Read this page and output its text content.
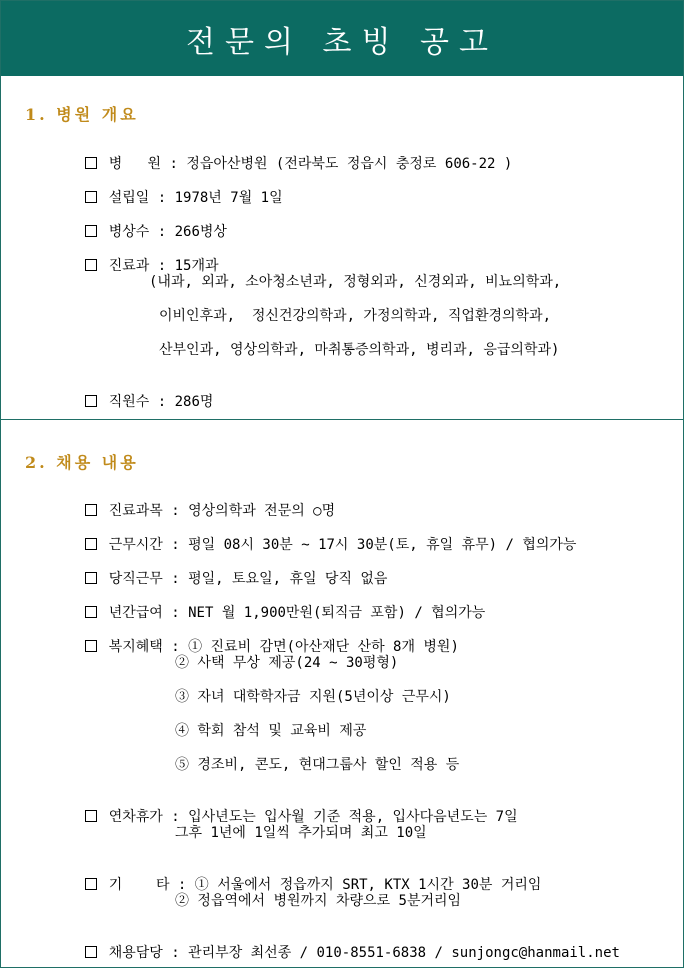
전문의 초빙 공고
1. 병원 개요

병   원 : 정읍아산병원 (전라북도 정읍시 충정로 606-22 )

설립일 : 1978년 7월 1일

병상수 : 266병상

진료과 : 15개과

(내과, 외과, 소아청소년과, 정형외과, 신경외과, 비뇨의학과,
이비인후과,  정신건강의학과, 가정의학과, 직업환경의학과,
산부인과, 영상의학과, 마취통증의학과, 병리과, 응급의학과)

직원수 : 286명

2. 채용 내용

진료과목 : 영상의학과 전문의 ○명

근무시간 : 평일 08시 30분 ~ 17시 30분(토, 휴일 휴무) / 협의가능

당직근무 : 평일, 토요일, 휴일 당직 없음

년간급여 : NET 월 1,900만원(퇴직금 포함) / 협의가능

복지혜택 : ① 진료비 감면(아산재단 산하 8개 병원)

② 사택 무상 제공(24 ~ 30평형)
③ 자녀 대학학자금 지원(5년이상 근무시)
④ 학회 참석 및 교육비 제공
⑤ 경조비, 콘도, 현대그룹사 할인 적용 등

연차휴가 : 입사년도는 입사월 기준 적용, 입사다음년도는 7일

그후 1년에 1일씩 추가되며 최고 10일

기    타 : ① 서울에서 정읍까지 SRT, KTX 1시간 30분 거리임

② 정읍역에서 병원까지 차량으로 5분거리임

채용담당 : 관리부장 최선종 / 010-8551-6838 / sunjongc@hanmail.net
